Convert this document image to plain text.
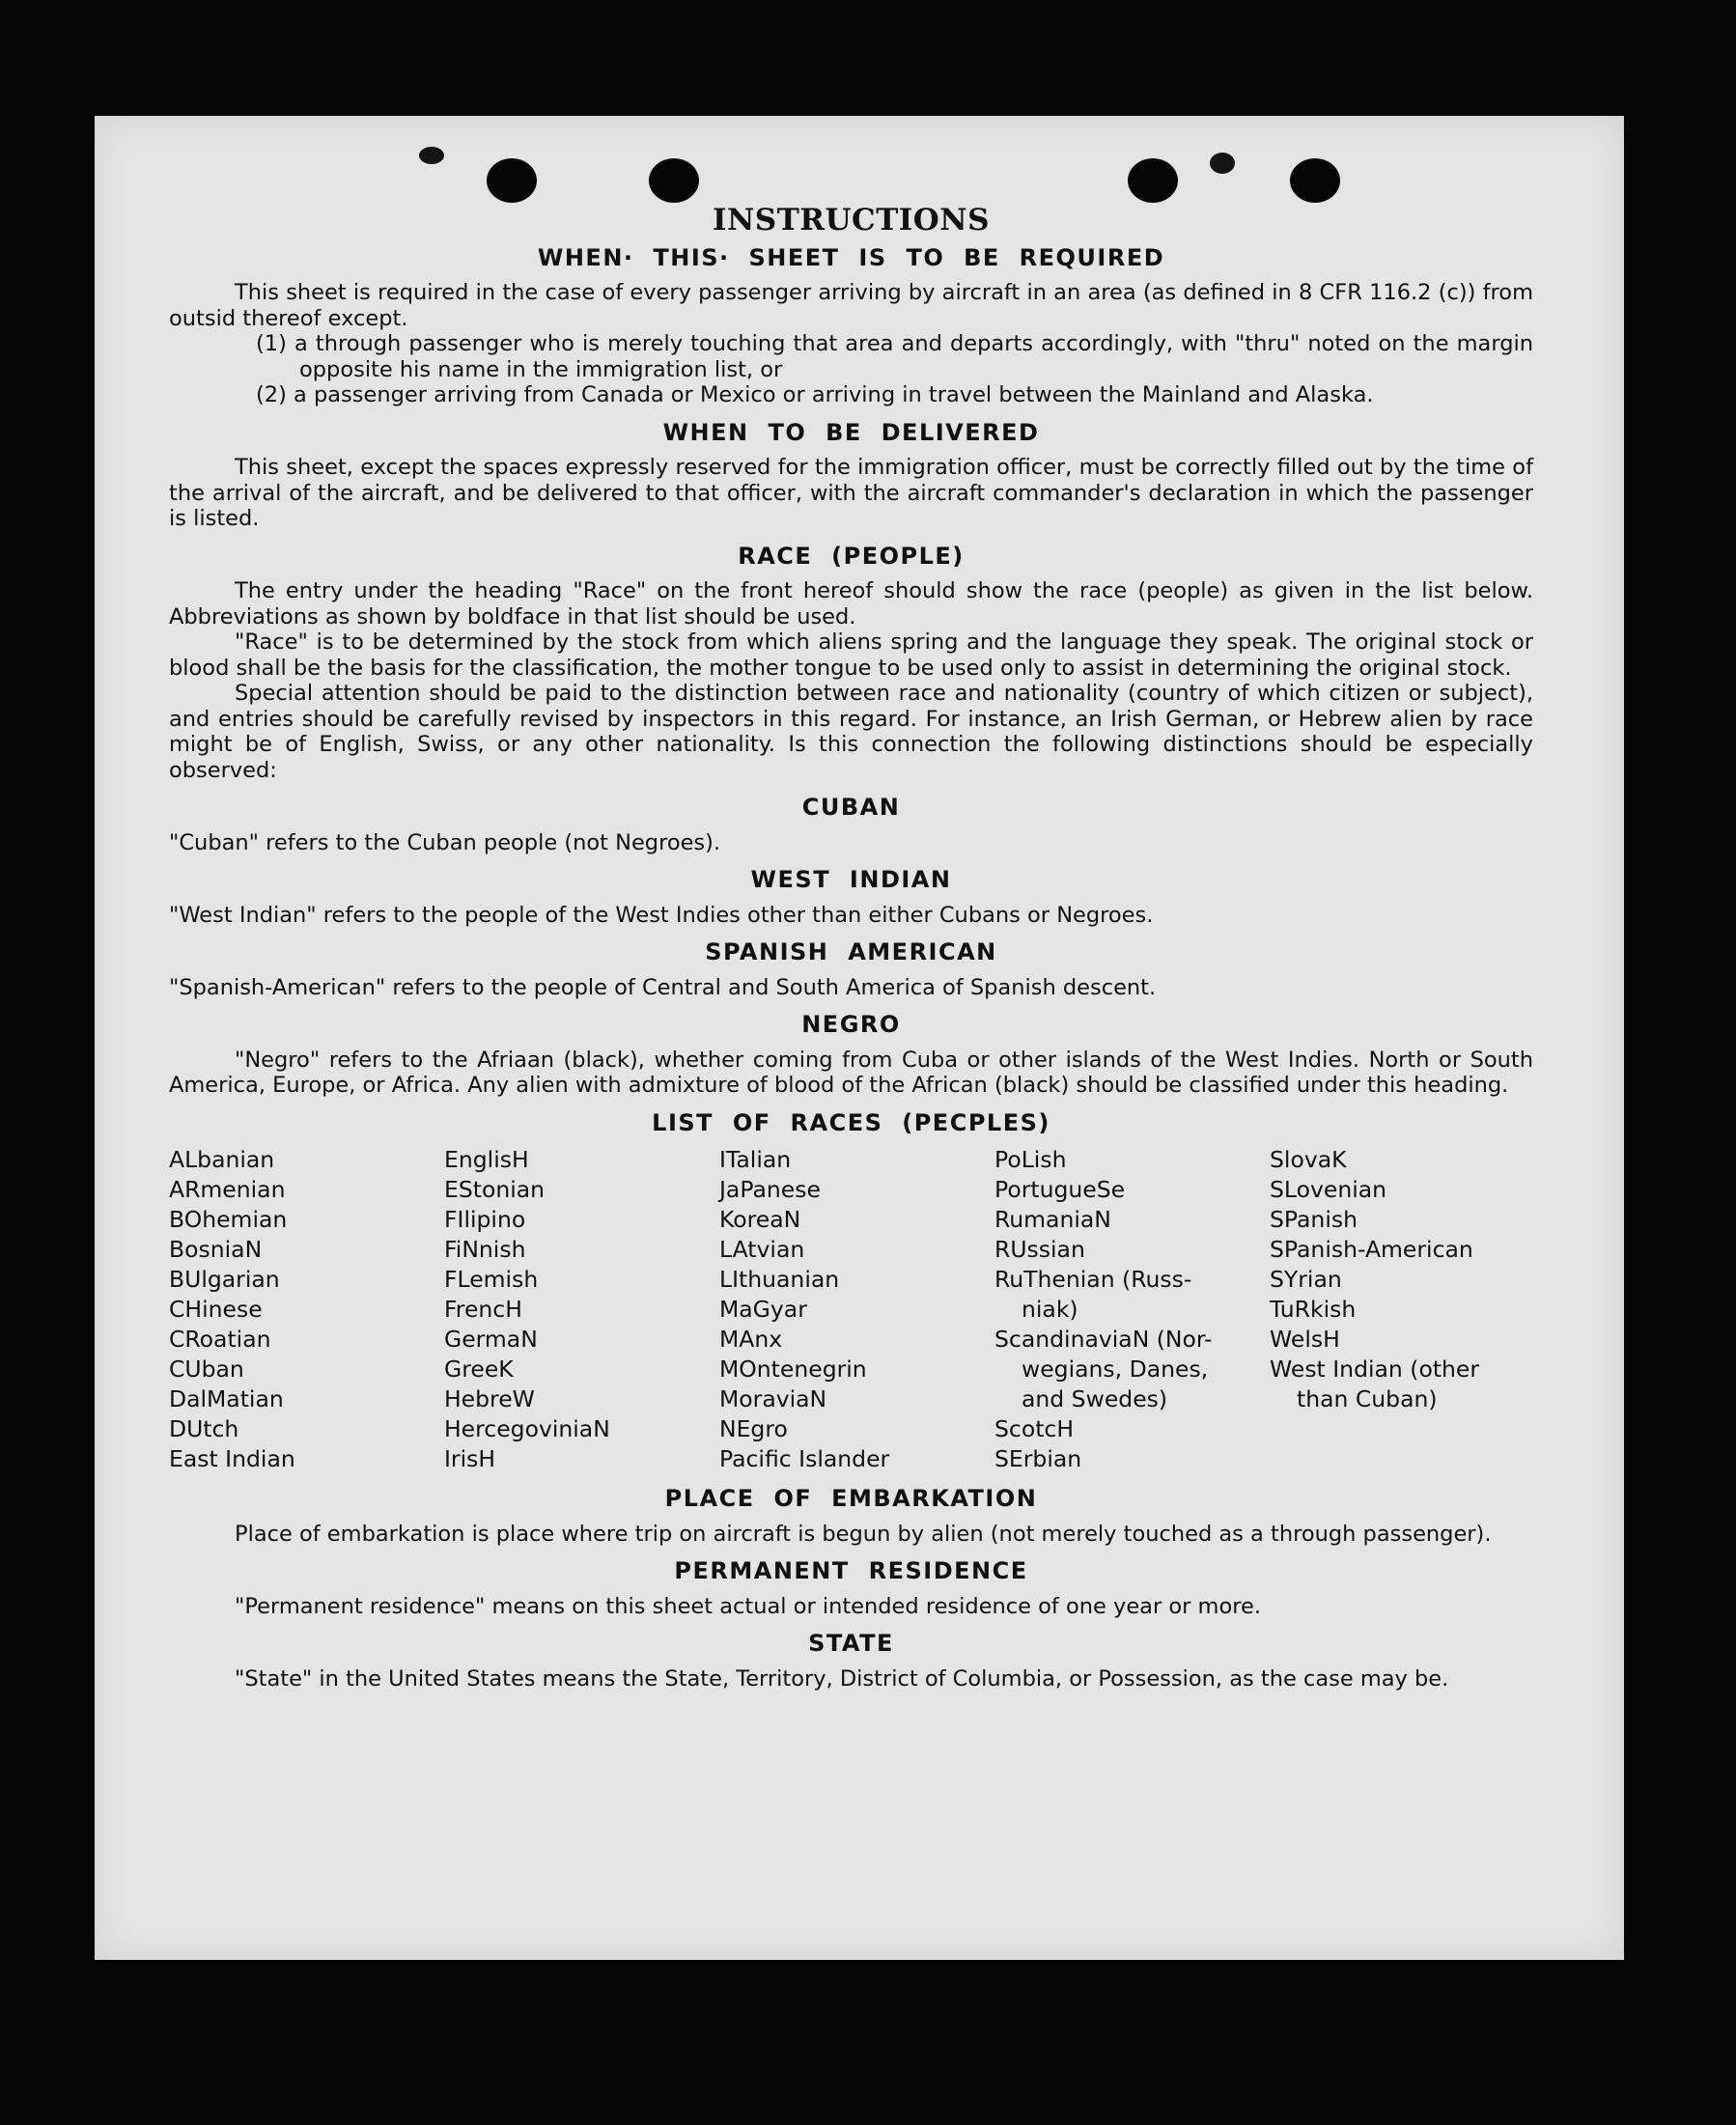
INSTRUCTIONS
WHEN· THIS· SHEET IS TO BE REQUIRED

This sheet is required in the case of every passenger arriving by aircraft in an area (as defined in 8 CFR 116.2 (c)) from outsid thereof except.

(1) a through passenger who is merely touching that area and departs accordingly, with "thru" noted on the margin opposite his name in the immigration list, or

(2) a passenger arriving from Canada or Mexico or arriving in travel between the Mainland and Alaska.

WHEN TO BE DELIVERED

This sheet, except the spaces expressly reserved for the immigration officer, must be correctly filled out by the time of the arrival of the aircraft, and be delivered to that officer, with the aircraft commander's declaration in which the passenger is listed.

RACE (PEOPLE)

The entry under the heading "Race" on the front hereof should show the race (people) as given in the list below. Abbreviations as shown by boldface in that list should be used.

"Race" is to be determined by the stock from which aliens spring and the language they speak. The original stock or blood shall be the basis for the classification, the mother tongue to be used only to assist in determining the original stock.

Special attention should be paid to the distinction between race and nationality (country of which citizen or subject), and entries should be carefully revised by inspectors in this regard. For instance, an Irish German, or Hebrew alien by race might be of English, Swiss, or any other nationality. Is this connection the following distinctions should be especially observed:

CUBAN

"Cuban" refers to the Cuban people (not Negroes).

WEST INDIAN

"West Indian" refers to the people of the West Indies other than either Cubans or Negroes.

SPANISH AMERICAN

"Spanish-American" refers to the people of Central and South America of Spanish descent.

NEGRO

"Negro" refers to the Afriaan (black), whether coming from Cuba or other islands of the West Indies. North or South America, Europe, or Africa. Any alien with admixture of blood of the African (black) should be classified under this heading.

LIST OF RACES (PECPLES)
ALbanian
ARmenian
BOhemian
BosniaN
BUlgarian
CHinese
CRoatian
CUban
DalMatian
DUtch
East Indian
EnglisH
EStonian
FIlipino
FiNnish
FLemish
FrencH
GermaN
GreeK
HebreW
HercegoviniaN
IrisH
ITalian
JaPanese
KoreaN
LAtvian
LIthuanian
MaGyar
MAnx
MOntenegrin
MoraviaN
NEgro
Pacific Islander
PoLish
PortugueSe
RumaniaN
RUssian
RuThenian (Russ-
niak)
ScandinaviaN (Nor-
wegians, Danes,
and Swedes)
ScotcH
SErbian
SlovaK
SLovenian
SPanish
SPanish-American
SYrian
TuRkish
WelsH
West Indian (other
than Cuban)
PLACE OF EMBARKATION

Place of embarkation is place where trip on aircraft is begun by alien (not merely touched as a through passenger).

PERMANENT RESIDENCE

"Permanent residence" means on this sheet actual or intended residence of one year or more.

STATE

"State" in the United States means the State, Territory, District of Columbia, or Possession, as the case may be.
